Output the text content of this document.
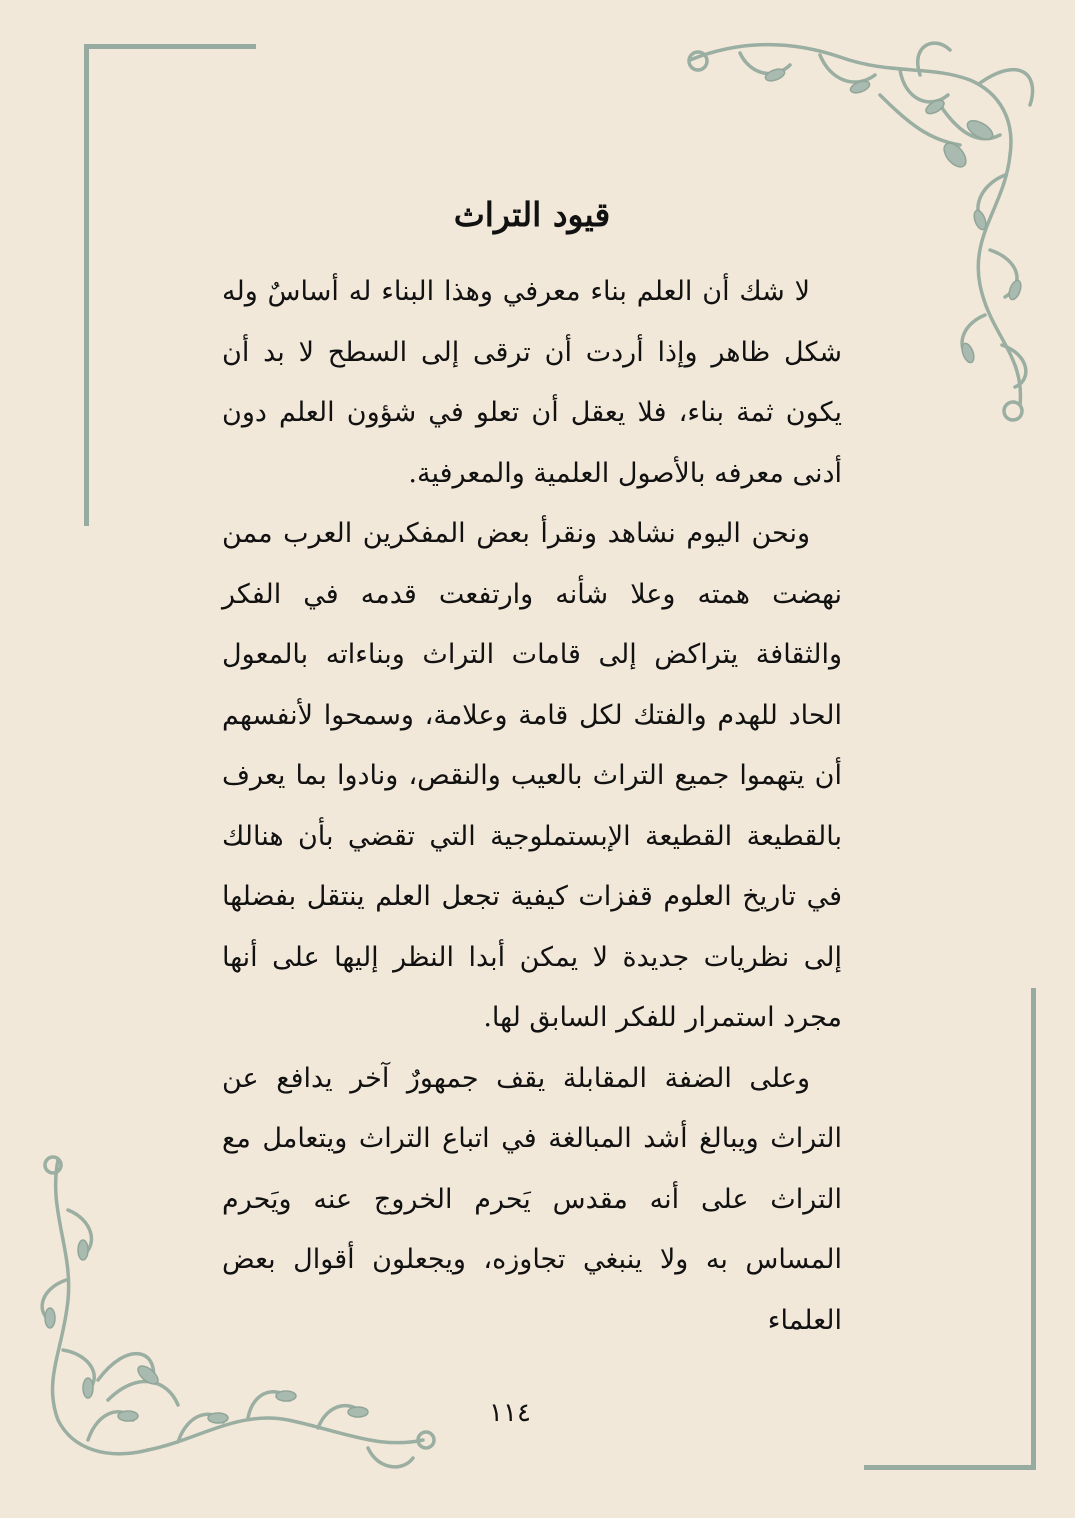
قيود التراث

لا شك أن العلم بناء معرفي وهذا البناء له أساسٌ وله شكل ظاهر وإذا أردت أن ترقى إلى السطح لا بد أن يكون ثمة بناء، فلا يعقل أن تعلو في شؤون العلم دون أدنى معرفه بالأصول العلمية والمعرفية.

ونحن اليوم نشاهد ونقرأ بعض المفكرين العرب ممن نهضت همته وعلا شأنه وارتفعت قدمه في الفكر والثقافة يتراكض إلى قامات التراث وبناءاته بالمعول الحاد للهدم والفتك لكل قامة وعلامة، وسمحوا لأنفسهم أن يتهموا جميع التراث بالعيب والنقص، ونادوا بما يعرف بالقطيعة القطيعة الإبستملوجية التي تقضي بأن هنالك في تاريخ العلوم قفزات كيفية تجعل العلم ينتقل بفضلها إلى نظريات جديدة لا يمكن أبدا النظر إليها على أنها مجرد استمرار للفكر السابق لها.

وعلى الضفة المقابلة يقف جمهورٌ آخر يدافع عن التراث ويبالغ أشد المبالغة في اتباع التراث ويتعامل مع التراث على أنه مقدس يَحرم الخروج عنه ويَحرم المساس به ولا ينبغي تجاوزه، ويجعلون أقوال بعض العلماء

١١٤
